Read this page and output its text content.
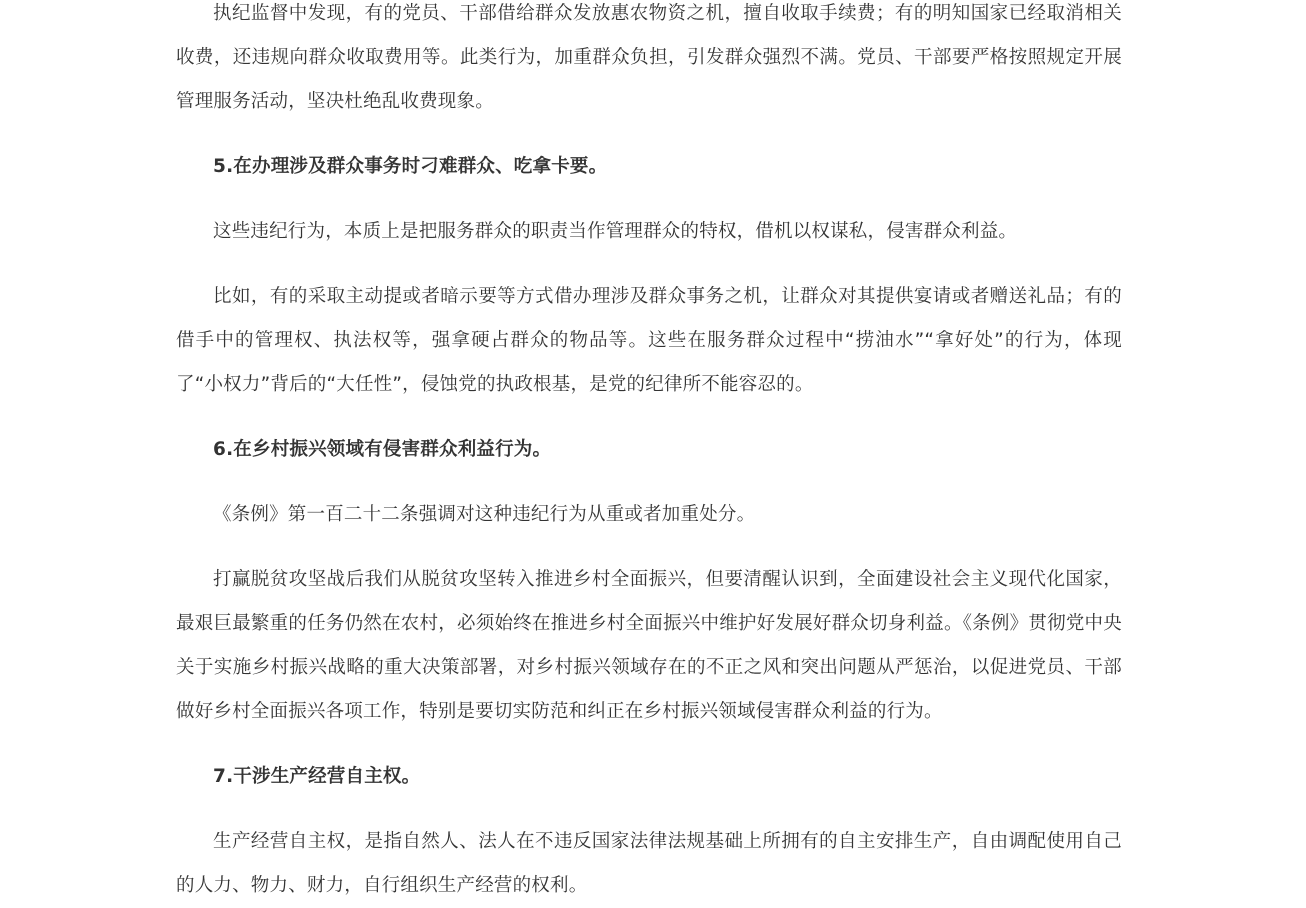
执纪监督中发现，有的党员、干部借给群众发放惠农物资之机，擅自收取手续费；有的明知国家已经取消相关收费，还违规向群众收取费用等。此类行为，加重群众负担，引发群众强烈不满。党员、干部要严格按照规定开展管理服务活动，坚决杜绝乱收费现象。

5.在办理涉及群众事务时刁难群众、吃拿卡要。

这些违纪行为，本质上是把服务群众的职责当作管理群众的特权，借机以权谋私，侵害群众利益。

比如，有的采取主动提或者暗示要等方式借办理涉及群众事务之机，让群众对其提供宴请或者赠送礼品；有的借手中的管理权、执法权等，强拿硬占群众的物品等。这些在服务群众过程中“捞油水”“拿好处”的行为，体现了“小权力”背后的“大任性”，侵蚀党的执政根基，是党的纪律所不能容忍的。

6.在乡村振兴领域有侵害群众利益行为。

《条例》第一百二十二条强调对这种违纪行为从重或者加重处分。

打赢脱贫攻坚战后我们从脱贫攻坚转入推进乡村全面振兴，但要清醒认识到，全面建设社会主义现代化国家，最艰巨最繁重的任务仍然在农村，必须始终在推进乡村全面振兴中维护好发展好群众切身利益。《条例》贯彻党中央关于实施乡村振兴战略的重大决策部署，对乡村振兴领域存在的不正之风和突出问题从严惩治，以促进党员、干部做好乡村全面振兴各项工作，特别是要切实防范和纠正在乡村振兴领域侵害群众利益的行为。

7.干涉生产经营自主权。

生产经营自主权，是指自然人、法人在不违反国家法律法规基础上所拥有的自主安排生产，自由调配使用自己的人力、物力、财力，自行组织生产经营的权利。
